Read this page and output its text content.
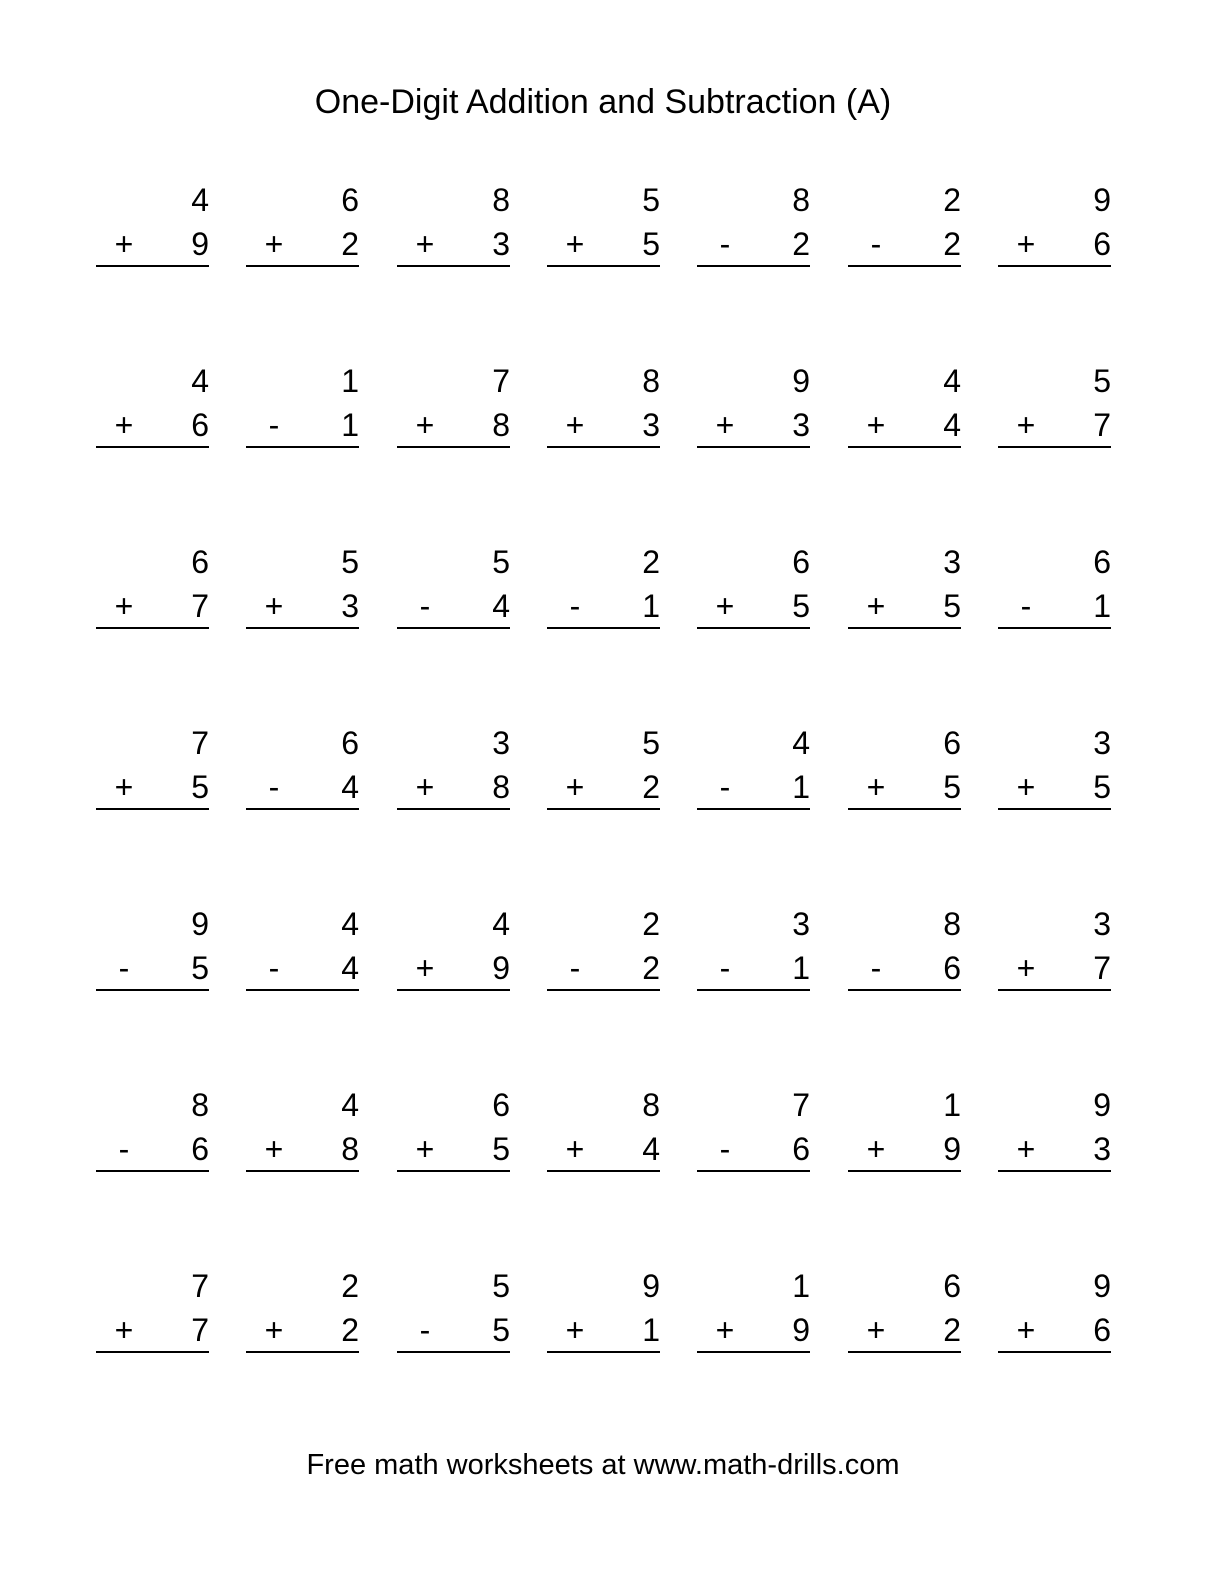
One-Digit Addition and Subtraction (A)
4
+ 9
6
+ 2
8
+ 3
5
+ 5
8
- 2
2
- 2
9
+ 6
4
+ 6
1
- 1
7
+ 8
8
+ 3
9
+ 3
4
+ 4
5
+ 7
6
+ 7
5
+ 3
5
- 4
2
- 1
6
+ 5
3
+ 5
6
- 1
7
+ 5
6
- 4
3
+ 8
5
+ 2
4
- 1
6
+ 5
3
+ 5
9
- 5
4
- 4
4
+ 9
2
- 2
3
- 1
8
- 6
3
+ 7
8
- 6
4
+ 8
6
+ 5
8
+ 4
7
- 6
1
+ 9
9
+ 3
7
+ 7
2
+ 2
5
- 5
9
+ 1
1
+ 9
6
+ 2
9
+ 6
Free math worksheets at www.math-drills.com
